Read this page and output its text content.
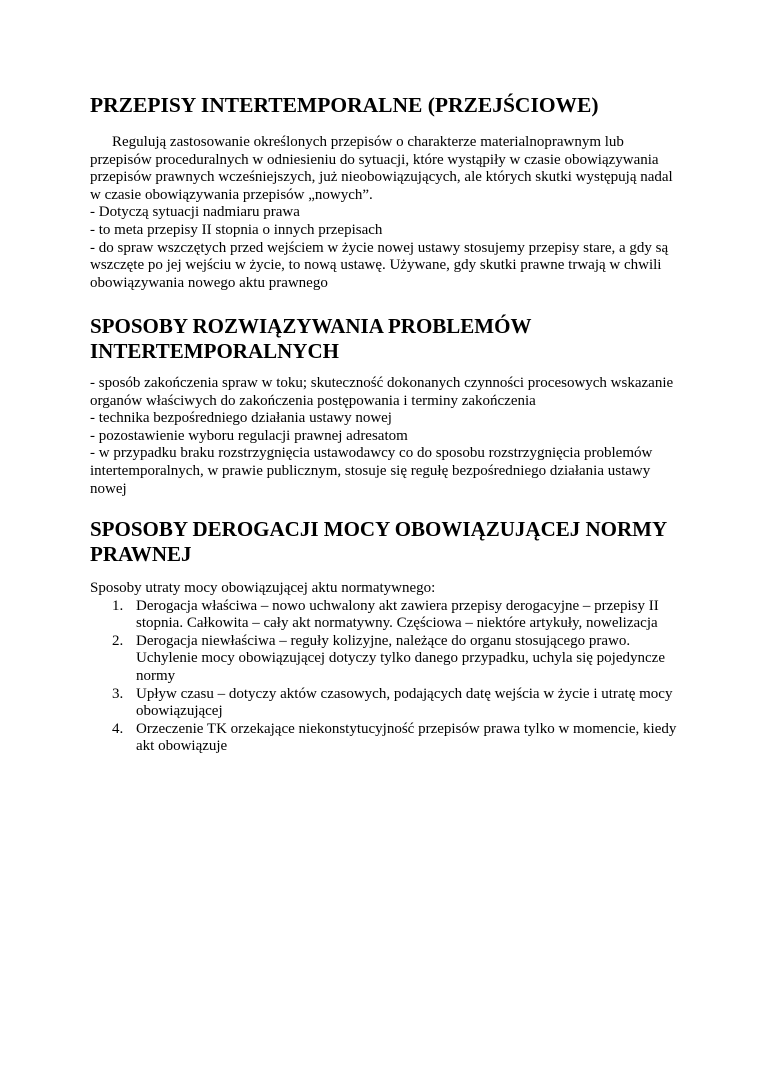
PRZEPISY INTERTEMPORALNE (PRZEJŚCIOWE)

Regulują zastosowanie określonych przepisów o charakterze materialnoprawnym lub przepisów proceduralnych w odniesieniu do sytuacji, które wystąpiły w czasie obowiązywania przepisów prawnych wcześniejszych, już nieobowiązujących, ale których skutki występują nadal w czasie obowiązywania przepisów „nowych”.

- Dotyczą sytuacji nadmiaru prawa

- to meta przepisy II stopnia o innych przepisach

- do spraw wszczętych przed wejściem w życie nowej ustawy stosujemy przepisy stare, a gdy są wszczęte po jej wejściu w życie, to nową ustawę. Używane, gdy skutki prawne trwają w chwili obowiązywania nowego aktu prawnego

SPOSOBY ROZWIĄZYWANIA PROBLEMÓW INTERTEMPORALNYCH

- sposób zakończenia spraw w toku; skuteczność dokonanych czynności procesowych wskazanie organów właściwych do zakończenia postępowania i terminy zakończenia

- technika bezpośredniego działania ustawy nowej

- pozostawienie wyboru regulacji prawnej adresatom

- w przypadku braku rozstrzygnięcia ustawodawcy co do sposobu rozstrzygnięcia problemów intertemporalnych, w prawie publicznym, stosuje się regułę bezpośredniego działania ustawy nowej

SPOSOBY DEROGACJI MOCY OBOWIĄZUJĄCEJ NORMY PRAWNEJ

Sposoby utraty mocy obowiązującej aktu normatywnego:

1. Derogacja właściwa – nowo uchwalony akt zawiera przepisy derogacyjne – przepisy II stopnia. Całkowita – cały akt normatywny. Częściowa – niektóre artykuły, nowelizacja
2. Derogacja niewłaściwa – reguły kolizyjne, należące do organu stosującego prawo. Uchylenie mocy obowiązującej dotyczy tylko danego przypadku, uchyla się pojedyncze normy
3. Upływ czasu – dotyczy aktów czasowych, podających datę wejścia w życie i utratę mocy obowiązującej
4. Orzeczenie TK orzekające niekonstytucyjność przepisów prawa tylko w momencie, kiedy akt obowiązuje
